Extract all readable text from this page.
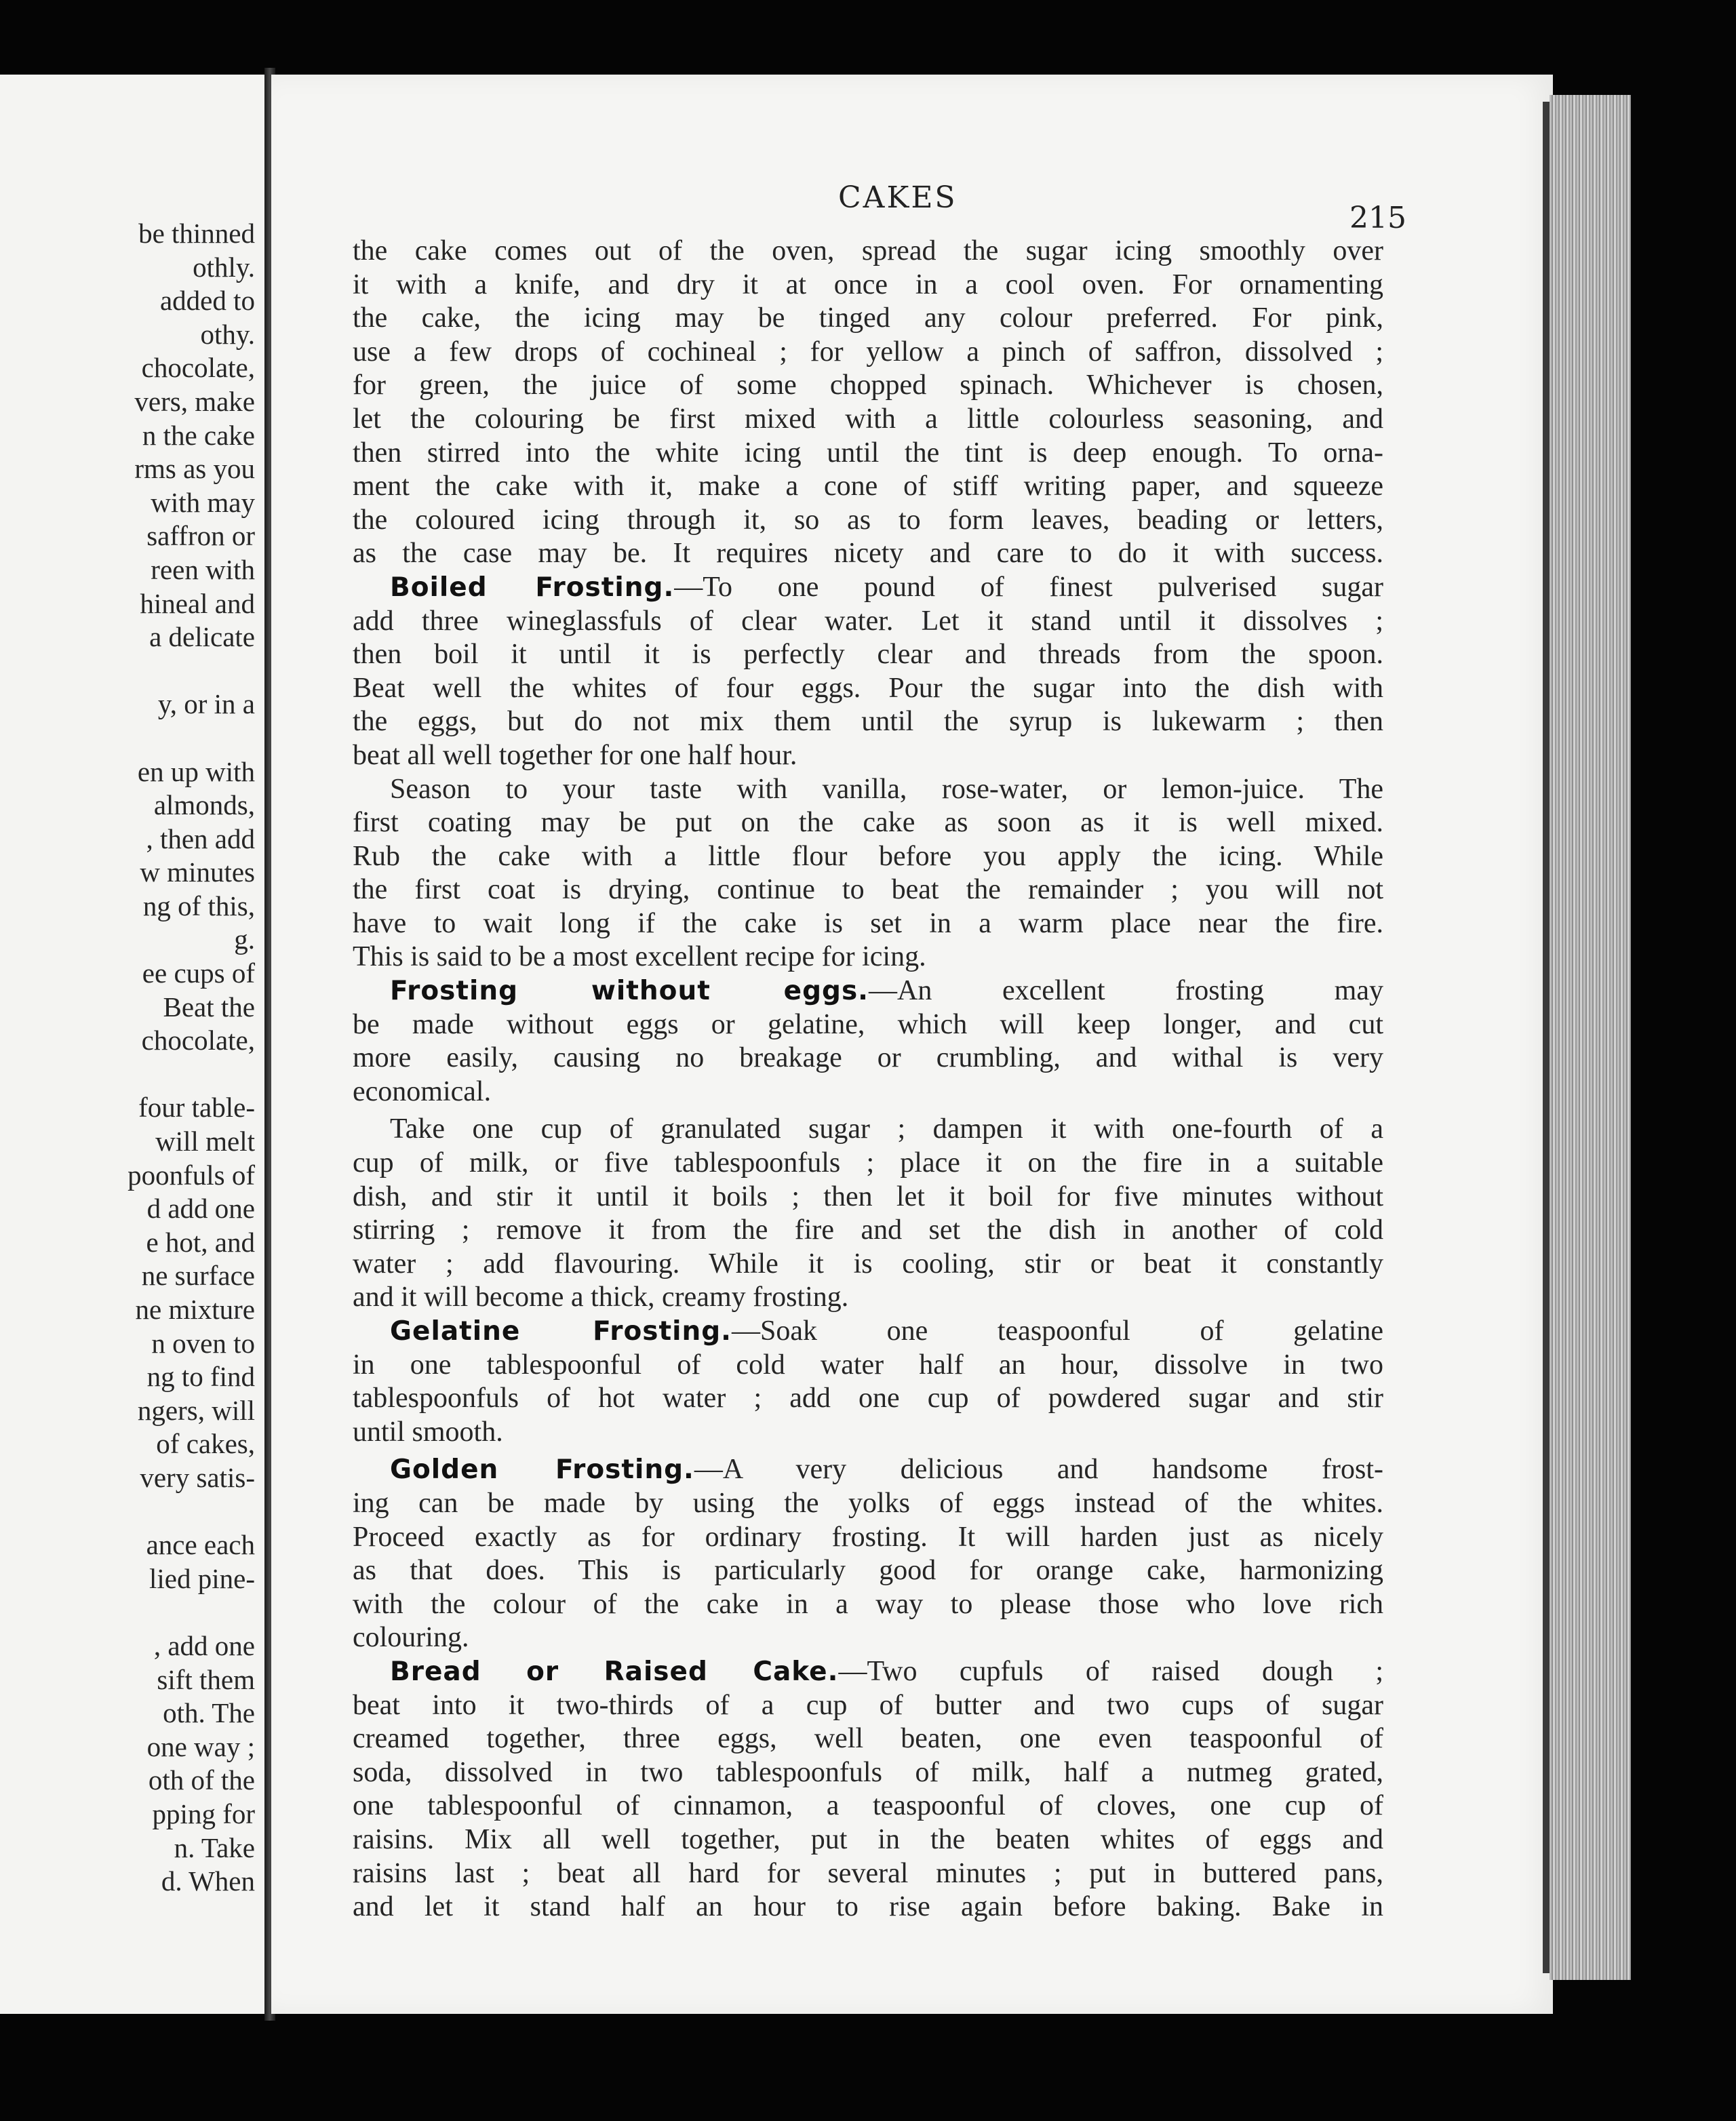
be thinned
othly.
added to
othy.
chocolate,
vers, make
n the cake
rms as you
with may
saffron or
reen with
hineal and
a delicate
y, or in a
en up with
almonds,
, then add
w minutes
ng of this,
g.
ee cups of
Beat the
chocolate,
four table-
will melt
poonfuls of
d add one
e hot, and
ne surface
ne mixture
n oven to
ng to find
ngers, will
of cakes,
very satis-
ance each
lied pine-
, add one
sift them
oth. The
one way ;
oth of the
pping for
n. Take
d. When
CAKES
215
the cake comes out of the oven, spread the sugar icing smoothly over
it with a knife, and dry it at once in a cool oven. For ornamenting
the cake, the icing may be tinged any colour preferred. For pink,
use a few drops of cochineal ; for yellow a pinch of saffron, dissolved ;
for green, the juice of some chopped spinach. Whichever is chosen,
let the colouring be first mixed with a little colourless seasoning, and
then stirred into the white icing until the tint is deep enough. To orna-
ment the cake with it, make a cone of stiff writing paper, and squeeze
the coloured icing through it, so as to form leaves, beading or letters,
as the case may be. It requires nicety and care to do it with success.
Boiled Frosting.—To one pound of finest pulverised sugar
add three wineglassfuls of clear water. Let it stand until it dissolves ;
then boil it until it is perfectly clear and threads from the spoon.
Beat well the whites of four eggs. Pour the sugar into the dish with
the eggs, but do not mix them until the syrup is lukewarm ; then
beat all well together for one half hour.
Season to your taste with vanilla, rose-water, or lemon-juice. The
first coating may be put on the cake as soon as it is well mixed.
Rub the cake with a little flour before you apply the icing. While
the first coat is drying, continue to beat the remainder ; you will not
have to wait long if the cake is set in a warm place near the fire.
This is said to be a most excellent recipe for icing.
Frosting without eggs.—An excellent frosting may
be made without eggs or gelatine, which will keep longer, and cut
more easily, causing no breakage or crumbling, and withal is very
economical.
Take one cup of granulated sugar ; dampen it with one-fourth of a
cup of milk, or five tablespoonfuls ; place it on the fire in a suitable
dish, and stir it until it boils ; then let it boil for five minutes without
stirring ; remove it from the fire and set the dish in another of cold
water ; add flavouring. While it is cooling, stir or beat it constantly
and it will become a thick, creamy frosting.
Gelatine Frosting.—Soak one teaspoonful of gelatine
in one tablespoonful of cold water half an hour, dissolve in two
tablespoonfuls of hot water ; add one cup of powdered sugar and stir
until smooth.
Golden Frosting.—A very delicious and handsome frost-
ing can be made by using the yolks of eggs instead of the whites.
Proceed exactly as for ordinary frosting. It will harden just as nicely
as that does. This is particularly good for orange cake, harmonizing
with the colour of the cake in a way to please those who love rich
colouring.
Bread or Raised Cake.—Two cupfuls of raised dough ;
beat into it two-thirds of a cup of butter and two cups of sugar
creamed together, three eggs, well beaten, one even teaspoonful of
soda, dissolved in two tablespoonfuls of milk, half a nutmeg grated,
one tablespoonful of cinnamon, a teaspoonful of cloves, one cup of
raisins. Mix all well together, put in the beaten whites of eggs and
raisins last ; beat all hard for several minutes ; put in buttered pans,
and let it stand half an hour to rise again before baking. Bake in
